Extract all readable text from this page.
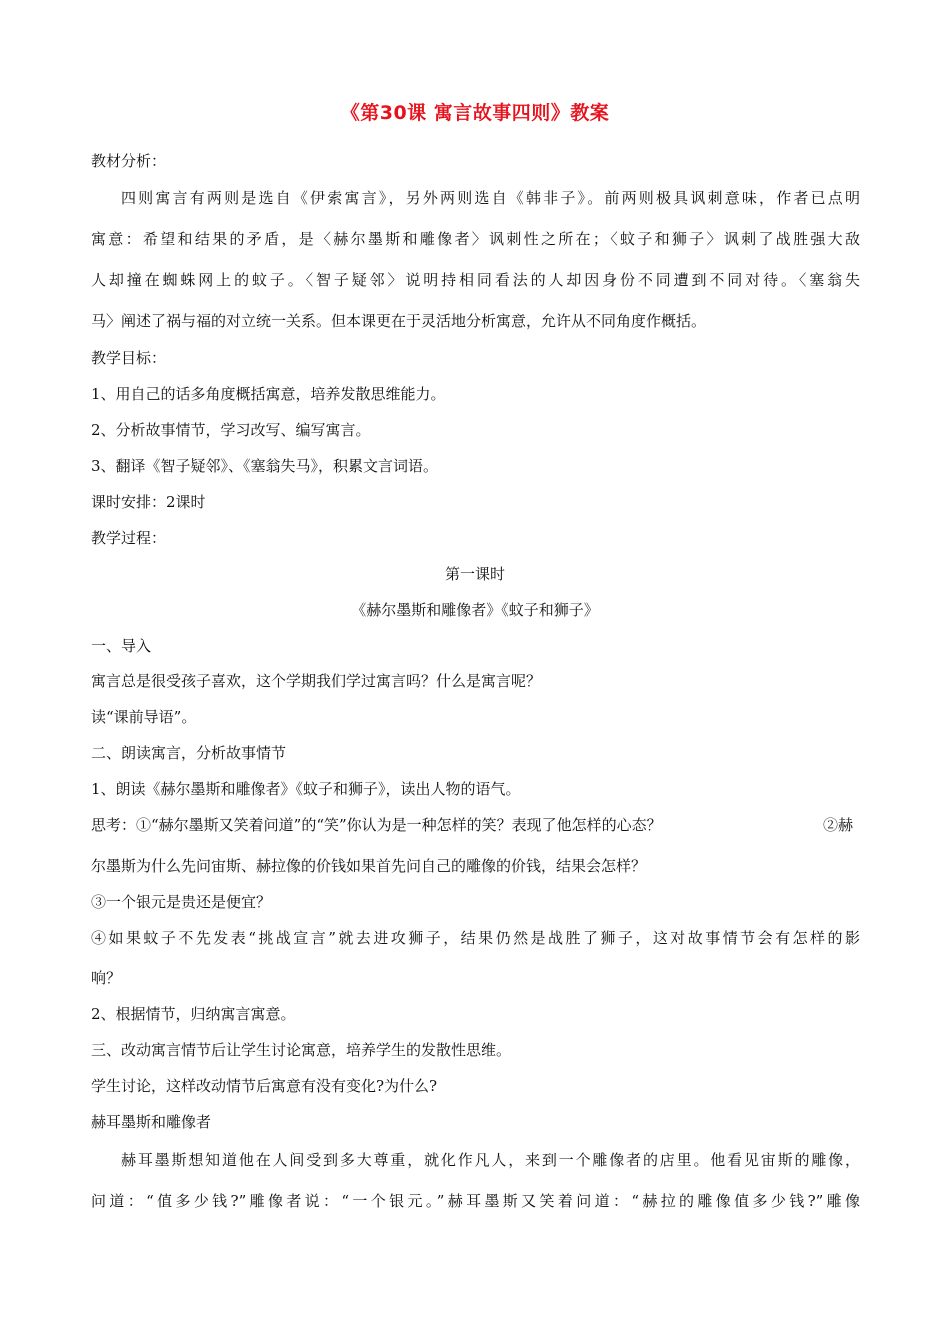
《第30课 寓言故事四则》教案
教材分析：
四则寓言有两则是选自《伊索寓言》，另外两则选自《韩非子》。前两则极具讽刺意味，作者已点明
寓意：希望和结果的矛盾，是〈赫尔墨斯和雕像者〉讽刺性之所在；〈蚊子和狮子〉讽刺了战胜强大敌
人却撞在蜘蛛网上的蚊子。〈智子疑邻〉说明持相同看法的人却因身份不同遭到不同对待。〈塞翁失
马〉阐述了祸与福的对立统一关系。但本课更在于灵活地分析寓意，允许从不同角度作概括。
教学目标：
1、用自己的话多角度概括寓意，培养发散思维能力。
2、分析故事情节，学习改写、编写寓言。
3、翻译《智子疑邻》、《塞翁失马》，积累文言词语。
课时安排：2课时
教学过程：
第一课时
《赫尔墨斯和雕像者》《蚊子和狮子》
一、导入
寓言总是很受孩子喜欢，这个学期我们学过寓言吗？什么是寓言呢？
读“课前导语”。
二、朗读寓言，分析故事情节
1、朗读《赫尔墨斯和雕像者》《蚊子和狮子》，读出人物的语气。
思考：①“赫尔墨斯又笑着问道”的“笑”你认为是一种怎样的笑？表现了他怎样的心态？	②赫
尔墨斯为什么先问宙斯、赫拉像的价钱如果首先问自己的雕像的价钱，结果会怎样？
③一个银元是贵还是便宜？
④如果蚊子不先发表“挑战宣言”就去进攻狮子，结果仍然是战胜了狮子，这对故事情节会有怎样的影
响？
2、根据情节，归纳寓言寓意。
三、改动寓言情节后让学生讨论寓意，培养学生的发散性思维。
学生讨论，这样改动情节后寓意有没有变化?为什么?
赫耳墨斯和雕像者
赫耳墨斯想知道他在人间受到多大尊重，就化作凡人，来到一个雕像者的店里。他看见宙斯的雕像，
问道：“值多少钱?”雕像者说：“一个银元。”赫耳墨斯又笑着问道：“赫拉的雕像值多少钱?”雕像
